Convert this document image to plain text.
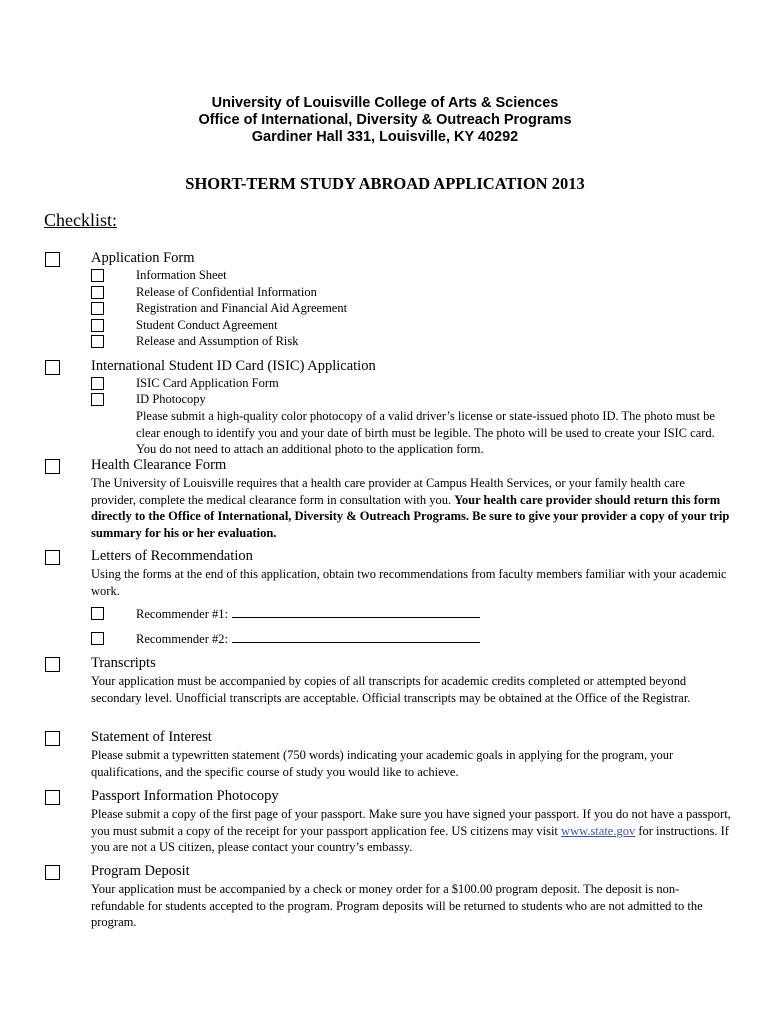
University of Louisville College of Arts & Sciences
Office of International, Diversity & Outreach Programs
Gardiner Hall 331, Louisville, KY 40292
SHORT-TERM STUDY ABROAD APPLICATION 2013
Checklist:
Application Form
Information Sheet
Release of Confidential Information
Registration and Financial Aid Agreement
Student Conduct Agreement
Release and Assumption of Risk
International Student ID Card (ISIC) Application
ISIC Card Application Form
ID Photocopy
Please submit a high-quality color photocopy of a valid driver’s license or state-issued photo ID. The photo must be clear enough to identify you and your date of birth must be legible. The photo will be used to create your ISIC card. You do not need to attach an additional photo to the application form.
Health Clearance Form
The University of Louisville requires that a health care provider at Campus Health Services, or your family health care provider, complete the medical clearance form in consultation with you. Your health care provider should return this form directly to the Office of International, Diversity & Outreach Programs. Be sure to give your provider a copy of your trip summary for his or her evaluation.
Letters of Recommendation
Using the forms at the end of this application, obtain two recommendations from faculty members familiar with your academic work.
Recommender #1:
Recommender #2:
Transcripts
Your application must be accompanied by copies of all transcripts for academic credits completed or attempted beyond secondary level. Unofficial transcripts are acceptable. Official transcripts may be obtained at the Office of the Registrar.
Statement of Interest
Please submit a typewritten statement (750 words) indicating your academic goals in applying for the program, your qualifications, and the specific course of study you would like to achieve.
Passport Information Photocopy
Please submit a copy of the first page of your passport. Make sure you have signed your passport. If you do not have a passport, you must submit a copy of the receipt for your passport application fee. US citizens may visit www.state.gov for instructions. If you are not a US citizen, please contact your country’s embassy.
Program Deposit
Your application must be accompanied by a check or money order for a $100.00 program deposit. The deposit is non-refundable for students accepted to the program. Program deposits will be returned to students who are not admitted to the program.
